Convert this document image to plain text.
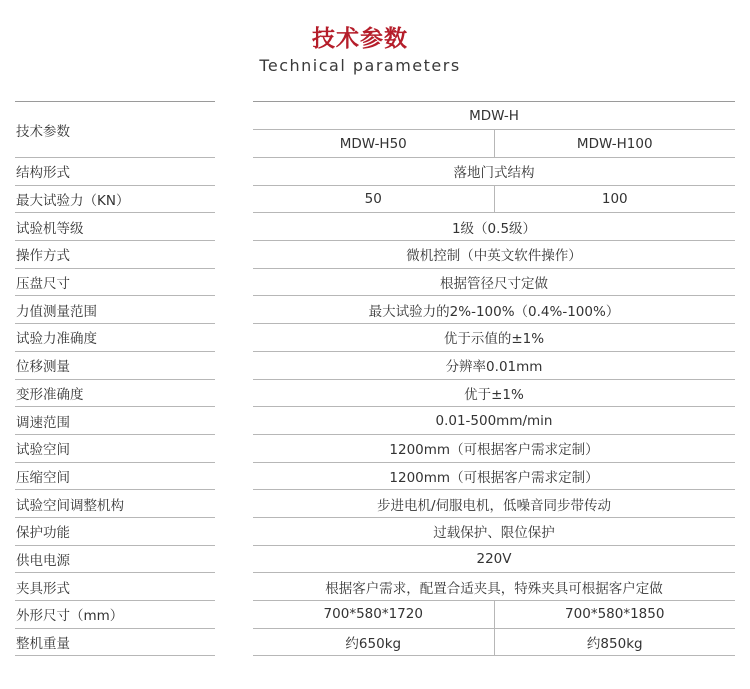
技术参数
Technical parameters
技术参数
MDW-H
MDW-H50	MDW-H100
结构形式	落地门式结构
最大试验力（KN）	50	100
试验机等级	1级（0.5级）
操作方式	微机控制（中英文软件操作）
压盘尺寸	根据管径尺寸定做
力值测量范围	最大试验力的2%-100%（0.4%-100%）
试验力准确度	优于示值的±1%
位移测量	分辨率0.01mm
变形准确度	优于±1%
调速范围	0.01-500mm/min
试验空间	1200mm（可根据客户需求定制）
压缩空间	1200mm（可根据客户需求定制）
试验空间调整机构	步进电机/伺服电机，低噪音同步带传动
保护功能	过载保护、限位保护
供电电源	220V
夹具形式	根据客户需求，配置合适夹具，特殊夹具可根据客户定做
外形尺寸（mm）	700*580*1720	700*580*1850
整机重量	约650kg	约850kg
